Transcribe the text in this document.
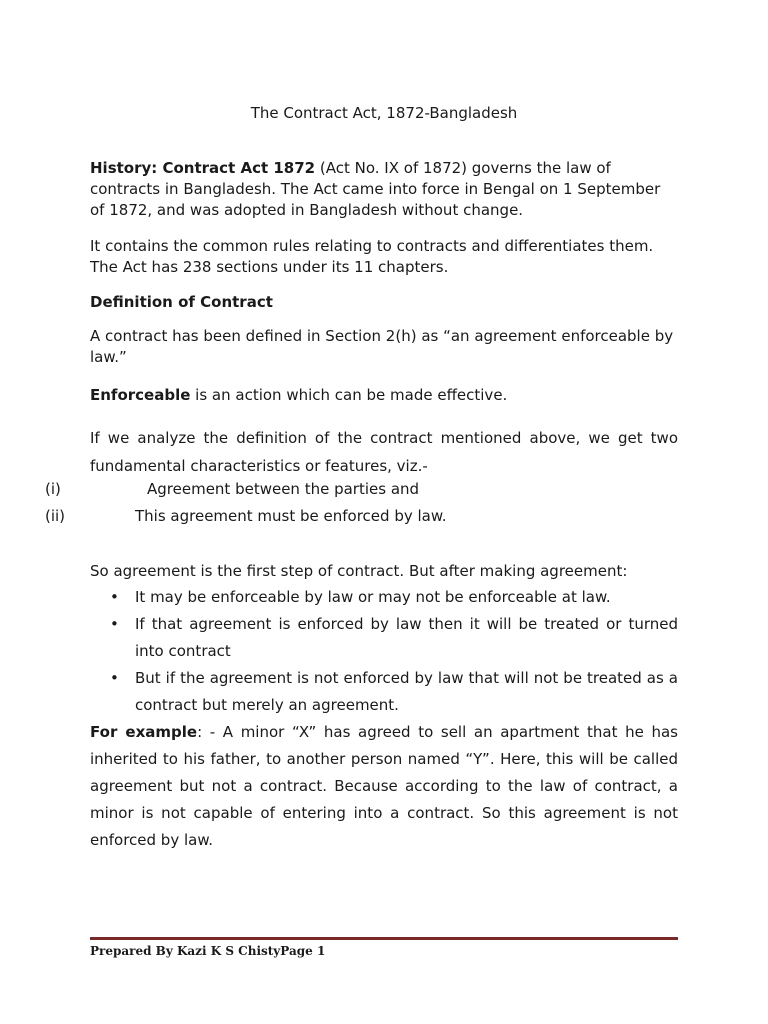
The Contract Act, 1872-Bangladesh

History: Contract Act 1872 (Act No. IX of 1872) governs the law of contracts in Bangladesh. The Act came into force in Bengal on 1 September of 1872, and was adopted in Bangladesh without change.

It contains the common rules relating to contracts and differentiates them. The Act has 238 sections under its 11 chapters.

Definition of Contract

A contract has been defined in Section 2(h) as “an agreement enforceable by law.”

Enforceable is an action which can be made effective.

If we analyze the definition of the contract mentioned above, we get two fundamental characteristics or features, viz.-

(i)	Agreement between the parties and
(ii)	This agreement must be enforced by law.

So agreement is the first step of contract. But after making agreement:

• It may be enforceable by law or may not be enforceable at law.
• If that agreement is enforced by law then it will be treated or turned into contract
• But if the agreement is not enforced by law that will not be treated as a contract but merely an agreement.

For example: - A minor “X” has agreed to sell an apartment that he has inherited to his father, to another person named “Y”. Here, this will be called agreement but not a contract. Because according to the law of contract, a minor is not capable of entering into a contract. So this agreement is not enforced by law.

Prepared By Kazi K S ChistyPage 1
